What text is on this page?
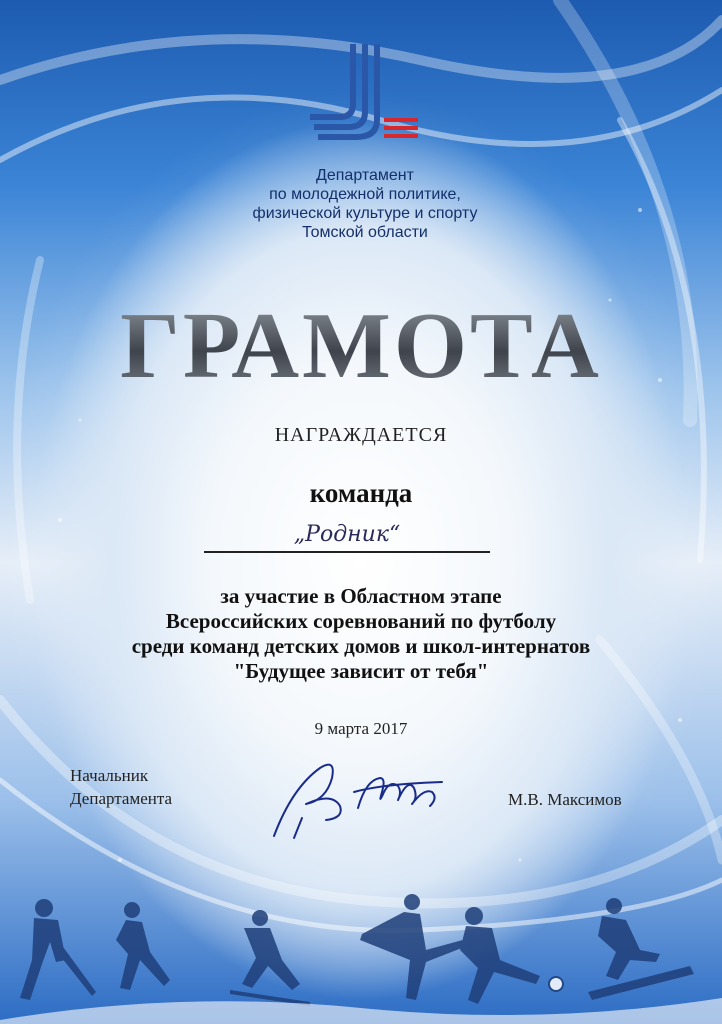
Департамент
по молодежной политике,
физической культуре и спорту
Томской области
ГРАМОТА
НАГРАЖДАЕТСЯ
команда
„Родник“
за участие в Областном этапе
Всероссийских соревнований по футболу
среди команд детских домов и школ-интернатов
"Будущее зависит от тебя"
9 марта 2017
Начальник
Департамента	М.В. Максимов
